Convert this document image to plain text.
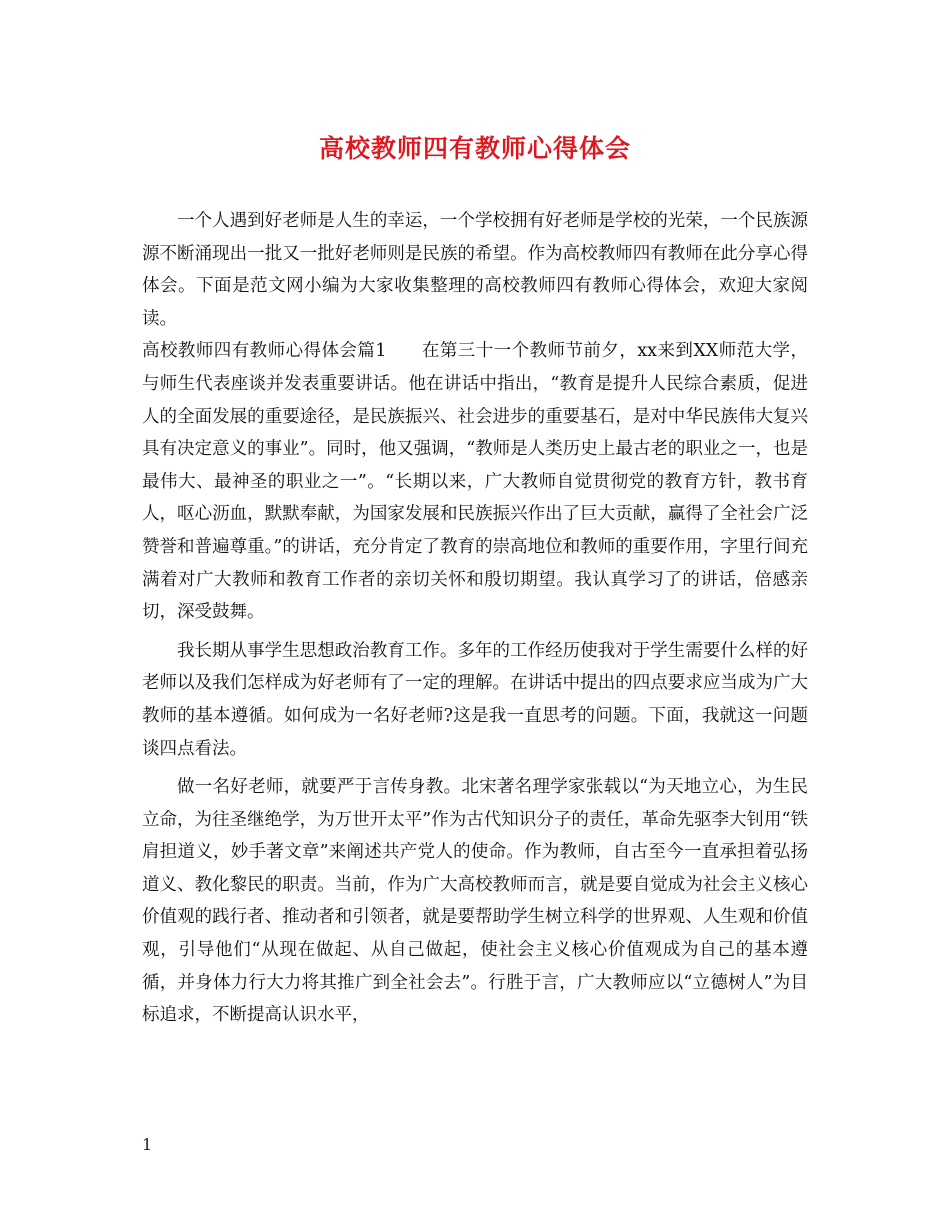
高校教师四有教师心得体会

一个人遇到好老师是人生的幸运，一个学校拥有好老师是学校的光荣，一个民族源源不断涌现出一批又一批好老师则是民族的希望。作为高校教师四有教师在此分享心得体会。下面是范文网小编为大家收集整理的高校教师四有教师心得体会，欢迎大家阅读。

高校教师四有教师心得体会篇1 在第三十一个教师节前夕，xx来到XX师范大学，与师生代表座谈并发表重要讲话。他在讲话中指出，“教育是提升人民综合素质，促进人的全面发展的重要途径，是民族振兴、社会进步的重要基石，是对中华民族伟大复兴具有决定意义的事业”。同时，他又强调，“教师是人类历史上最古老的职业之一，也是最伟大、最神圣的职业之一”。“长期以来，广大教师自觉贯彻党的教育方针，教书育人，呕心沥血，默默奉献，为国家发展和民族振兴作出了巨大贡献，赢得了全社会广泛赞誉和普遍尊重。”的讲话，充分肯定了教育的崇高地位和教师的重要作用，字里行间充满着对广大教师和教育工作者的亲切关怀和殷切期望。我认真学习了的讲话，倍感亲切，深受鼓舞。

我长期从事学生思想政治教育工作。多年的工作经历使我对于学生需要什么样的好老师以及我们怎样成为好老师有了一定的理解。在讲话中提出的四点要求应当成为广大教师的基本遵循。如何成为一名好老师?这是我一直思考的问题。下面，我就这一问题谈四点看法。

做一名好老师，就要严于言传身教。北宋著名理学家张载以“为天地立心，为生民立命，为往圣继绝学，为万世开太平”作为古代知识分子的责任，革命先驱李大钊用“铁肩担道义，妙手著文章”来阐述共产党人的使命。作为教师，自古至今一直承担着弘扬道义、教化黎民的职责。当前，作为广大高校教师而言，就是要自觉成为社会主义核心价值观的践行者、推动者和引领者，就是要帮助学生树立科学的世界观、人生观和价值观，引导他们“从现在做起、从自己做起，使社会主义核心价值观成为自己的基本遵循，并身体力行大力将其推广到全社会去”。行胜于言，广大教师应以“立德树人”为目标追求，不断提高认识水平，

1
